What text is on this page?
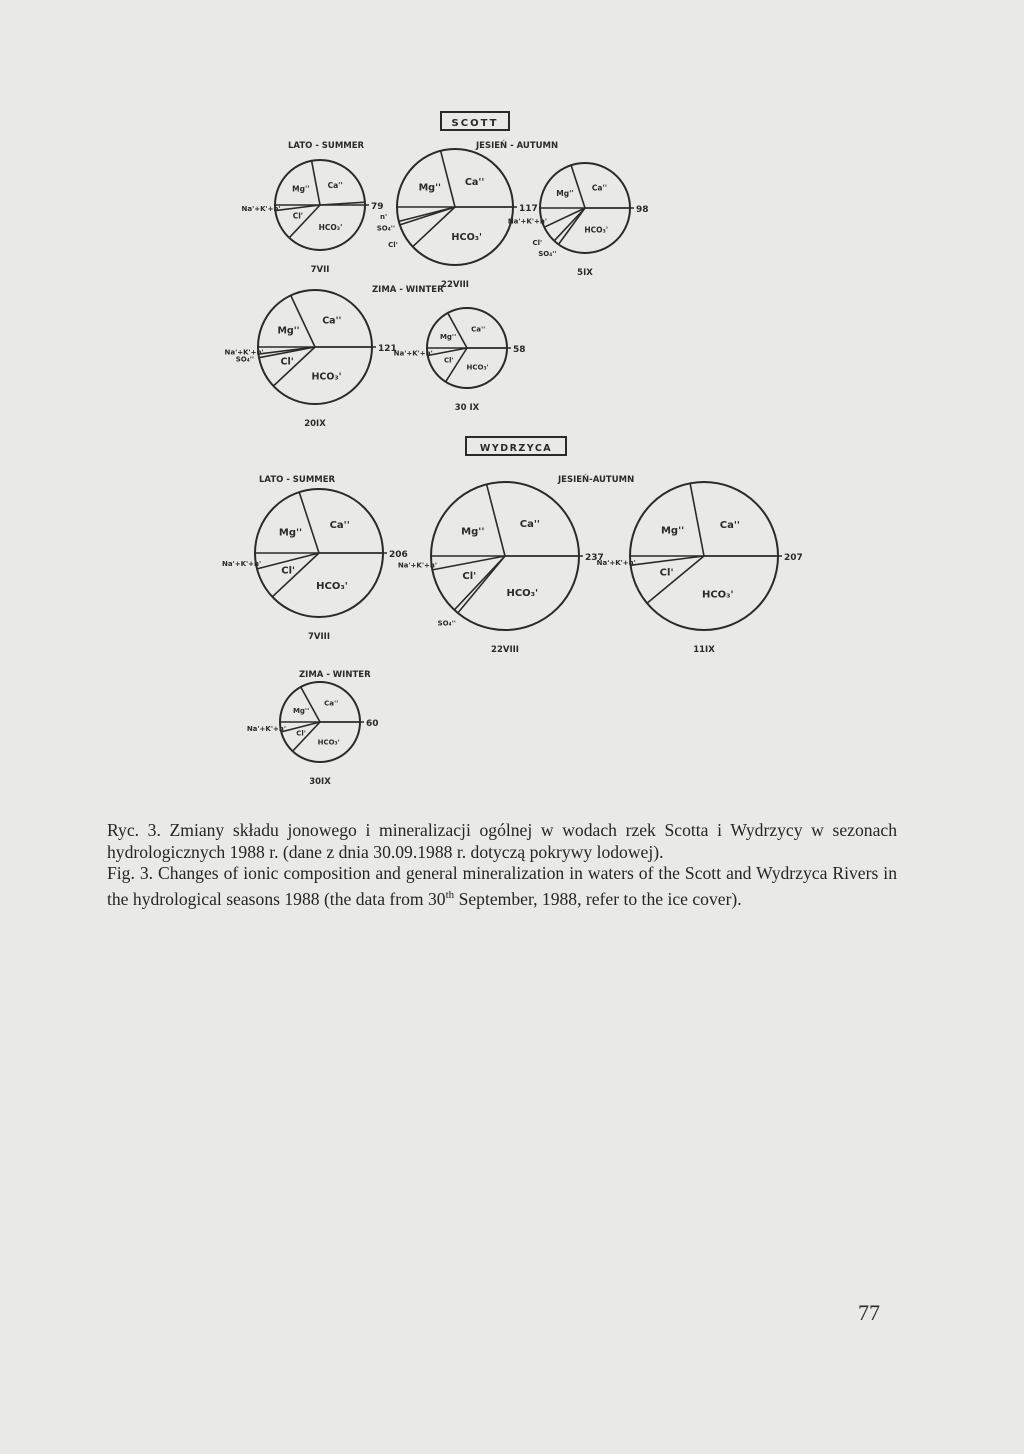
SCOTT
LATO - SUMMER	JESIEŃ - AUTUMN
ZIMA - WINTER
WYDRZYCA
LATO - SUMMER	JESIEŃ-AUTUMN
ZIMA - WINTER
Mg'' Ca''
HCO₃'
Cl'
Na'+K'+n'	79
7VII
Mg''
Ca''
HCO₃'
Cl'
SO₄''
n'
117
22VIII
Mg''
Ca''
HCO₃'
SO₄''
Cl'
Na'+K'+n'
98
5IX
Mg''
Ca''
HCO₃'
Cl'
SO₄''
Na'+K'+n'	121
20IX
Mg''
Ca''
HCO₃'
Cl'
Na'+K'+n'	58
30 IX
Mg''
Ca''
HCO₃'
Cl'
Na'+K'+n'
206
7VIII
Mg''
Ca''
HCO₃'
SO₄''
Cl'
Na'+K'+n'
237
22VIII
Mg''	Ca''
HCO₃'
Cl'
Na'+K'+n'	207
11IX
Mg''
Ca''
HCO₃'
Cl'
Na'+K'+n'
60
30IX

Ryc. 3. Zmiany składu jonowego i mineralizacji ogólnej w wodach rzek Scotta i Wydrzycy w sezonach hydrologicznych 1988 r. (dane z dnia 30.09.1988 r. dotyczą pokrywy lodowej).

Fig. 3. Changes of ionic composition and general mineralization in waters of the Scott and Wydrzyca Rivers in the hydrological seasons 1988 (the data from 30th September, 1988, refer to the ice cover).

77
